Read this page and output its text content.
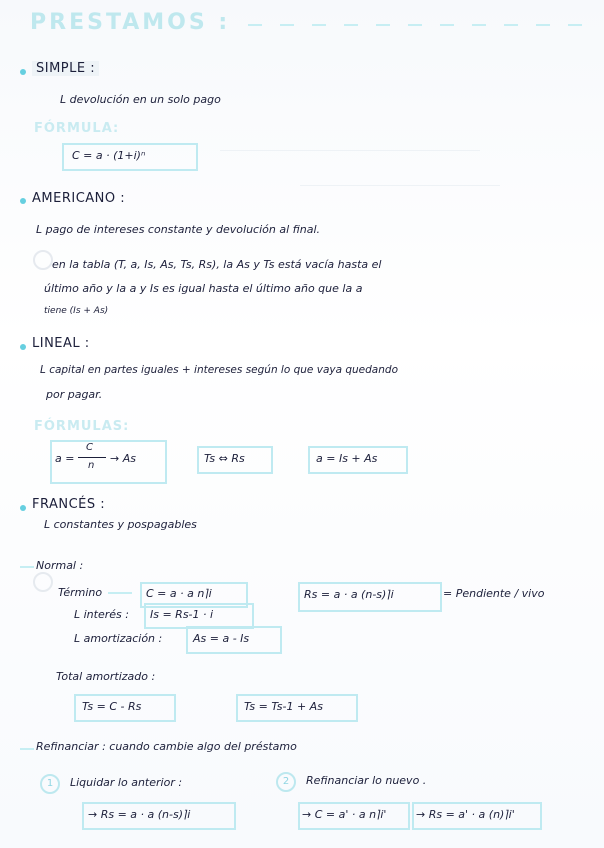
PRESTAMOS :
SIMPLE :
L devolución en un solo pago
FÓRMULA:
C = a · (1+i)ⁿ
AMERICANO :
L pago de intereses constante y devolución al final.
en la tabla (T, a, Is, As, Ts, Rs), la As y Ts está vacía hasta el
último año y la a y Is es igual hasta el último año que la a
tiene (Is + As)
LINEAL :
L capital en partes iguales + intereses según lo que vaya quedando
por pagar.
FÓRMULAS:
a =
C
n
→ As	Ts ⇔ Rs	a = Is + As
FRANCÉS :
L constantes y pospagables
Normal :
Término	C = a · a n⌉i	Rs = a · a (n-s)⌉i	= Pendiente / vivo
L interés : Is = Rs-1 · i
L amortización :	As = a - Is
Total amortizado :
Ts = C - Rs	Ts = Ts-1 + As
Refinanciar : cuando cambie algo del préstamo
1	Liquidar lo anterior :	2	Refinanciar lo nuevo .
→ Rs = a · a (n-s)⌉i	→ C = a' · a n⌉i'	→ Rs = a' · a (n)⌉i'
